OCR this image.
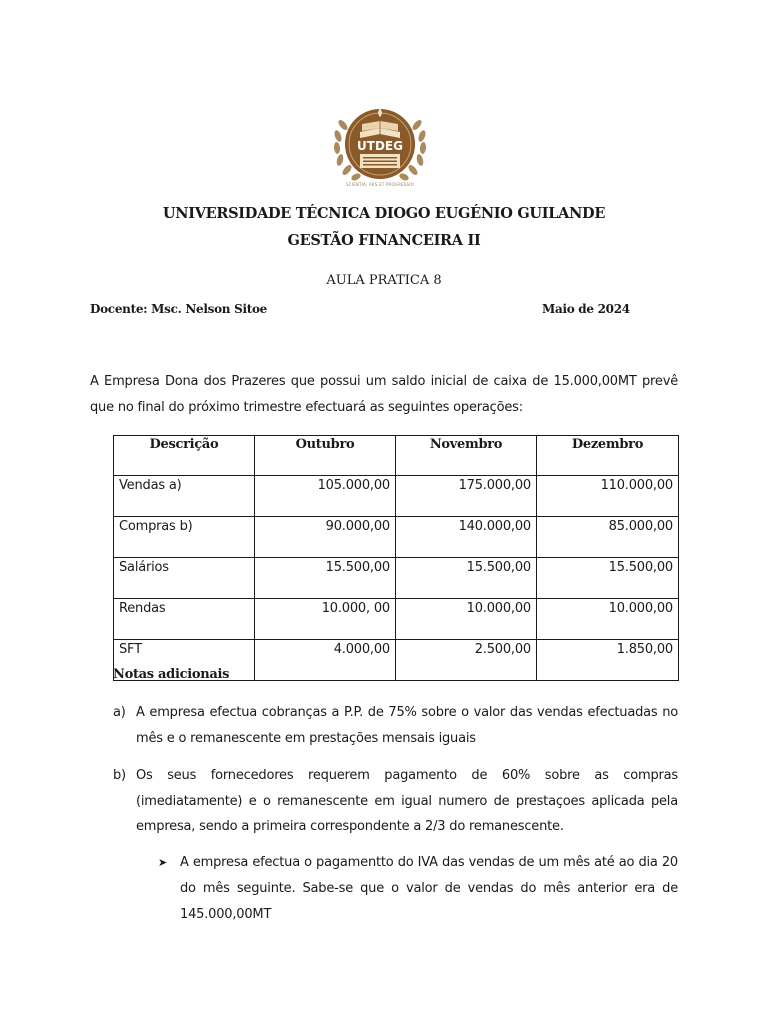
UTDEG
SCIENTIA, ARS ET PROGRESSIO
UNIVERSIDADE TÉCNICA DIOGO EUGÉNIO GUILANDE
GESTÃO FINANCEIRA II
AULA PRATICA 8
Docente: Msc. Nelson Sitoe	Maio de 2024
A Empresa Dona dos Prazeres que possui um saldo inicial de caixa de 15.000,00MT prevê que no final do próximo trimestre efectuará as seguintes operações:
Descrição	Outubro	Novembro	Dezembro
Vendas a)	105.000,00	175.000,00	110.000,00
Compras b)	90.000,00	140.000,00	85.000,00
Salários	15.500,00	15.500,00	15.500,00
Rendas	10.000, 00	10.000,00	10.000,00
SFT	4.000,00	2.500,00	1.850,00
Notas adicionais
a) A empresa efectua cobranças a P.P. de 75% sobre o valor das vendas efectuadas no mês e o remanescente em prestações mensais iguais
b) Os seus fornecedores requerem pagamento de 60% sobre as compras (imediatamente) e o remanescente em igual numero de prestaçoes aplicada pela empresa, sendo a primeira correspondente a 2/3 do remanescente.
➤ A empresa efectua o pagamentto do IVA das vendas de um mês até ao dia 20 do mês seguinte. Sabe-se que o valor de vendas do mês anterior era de 145.000,00MT
